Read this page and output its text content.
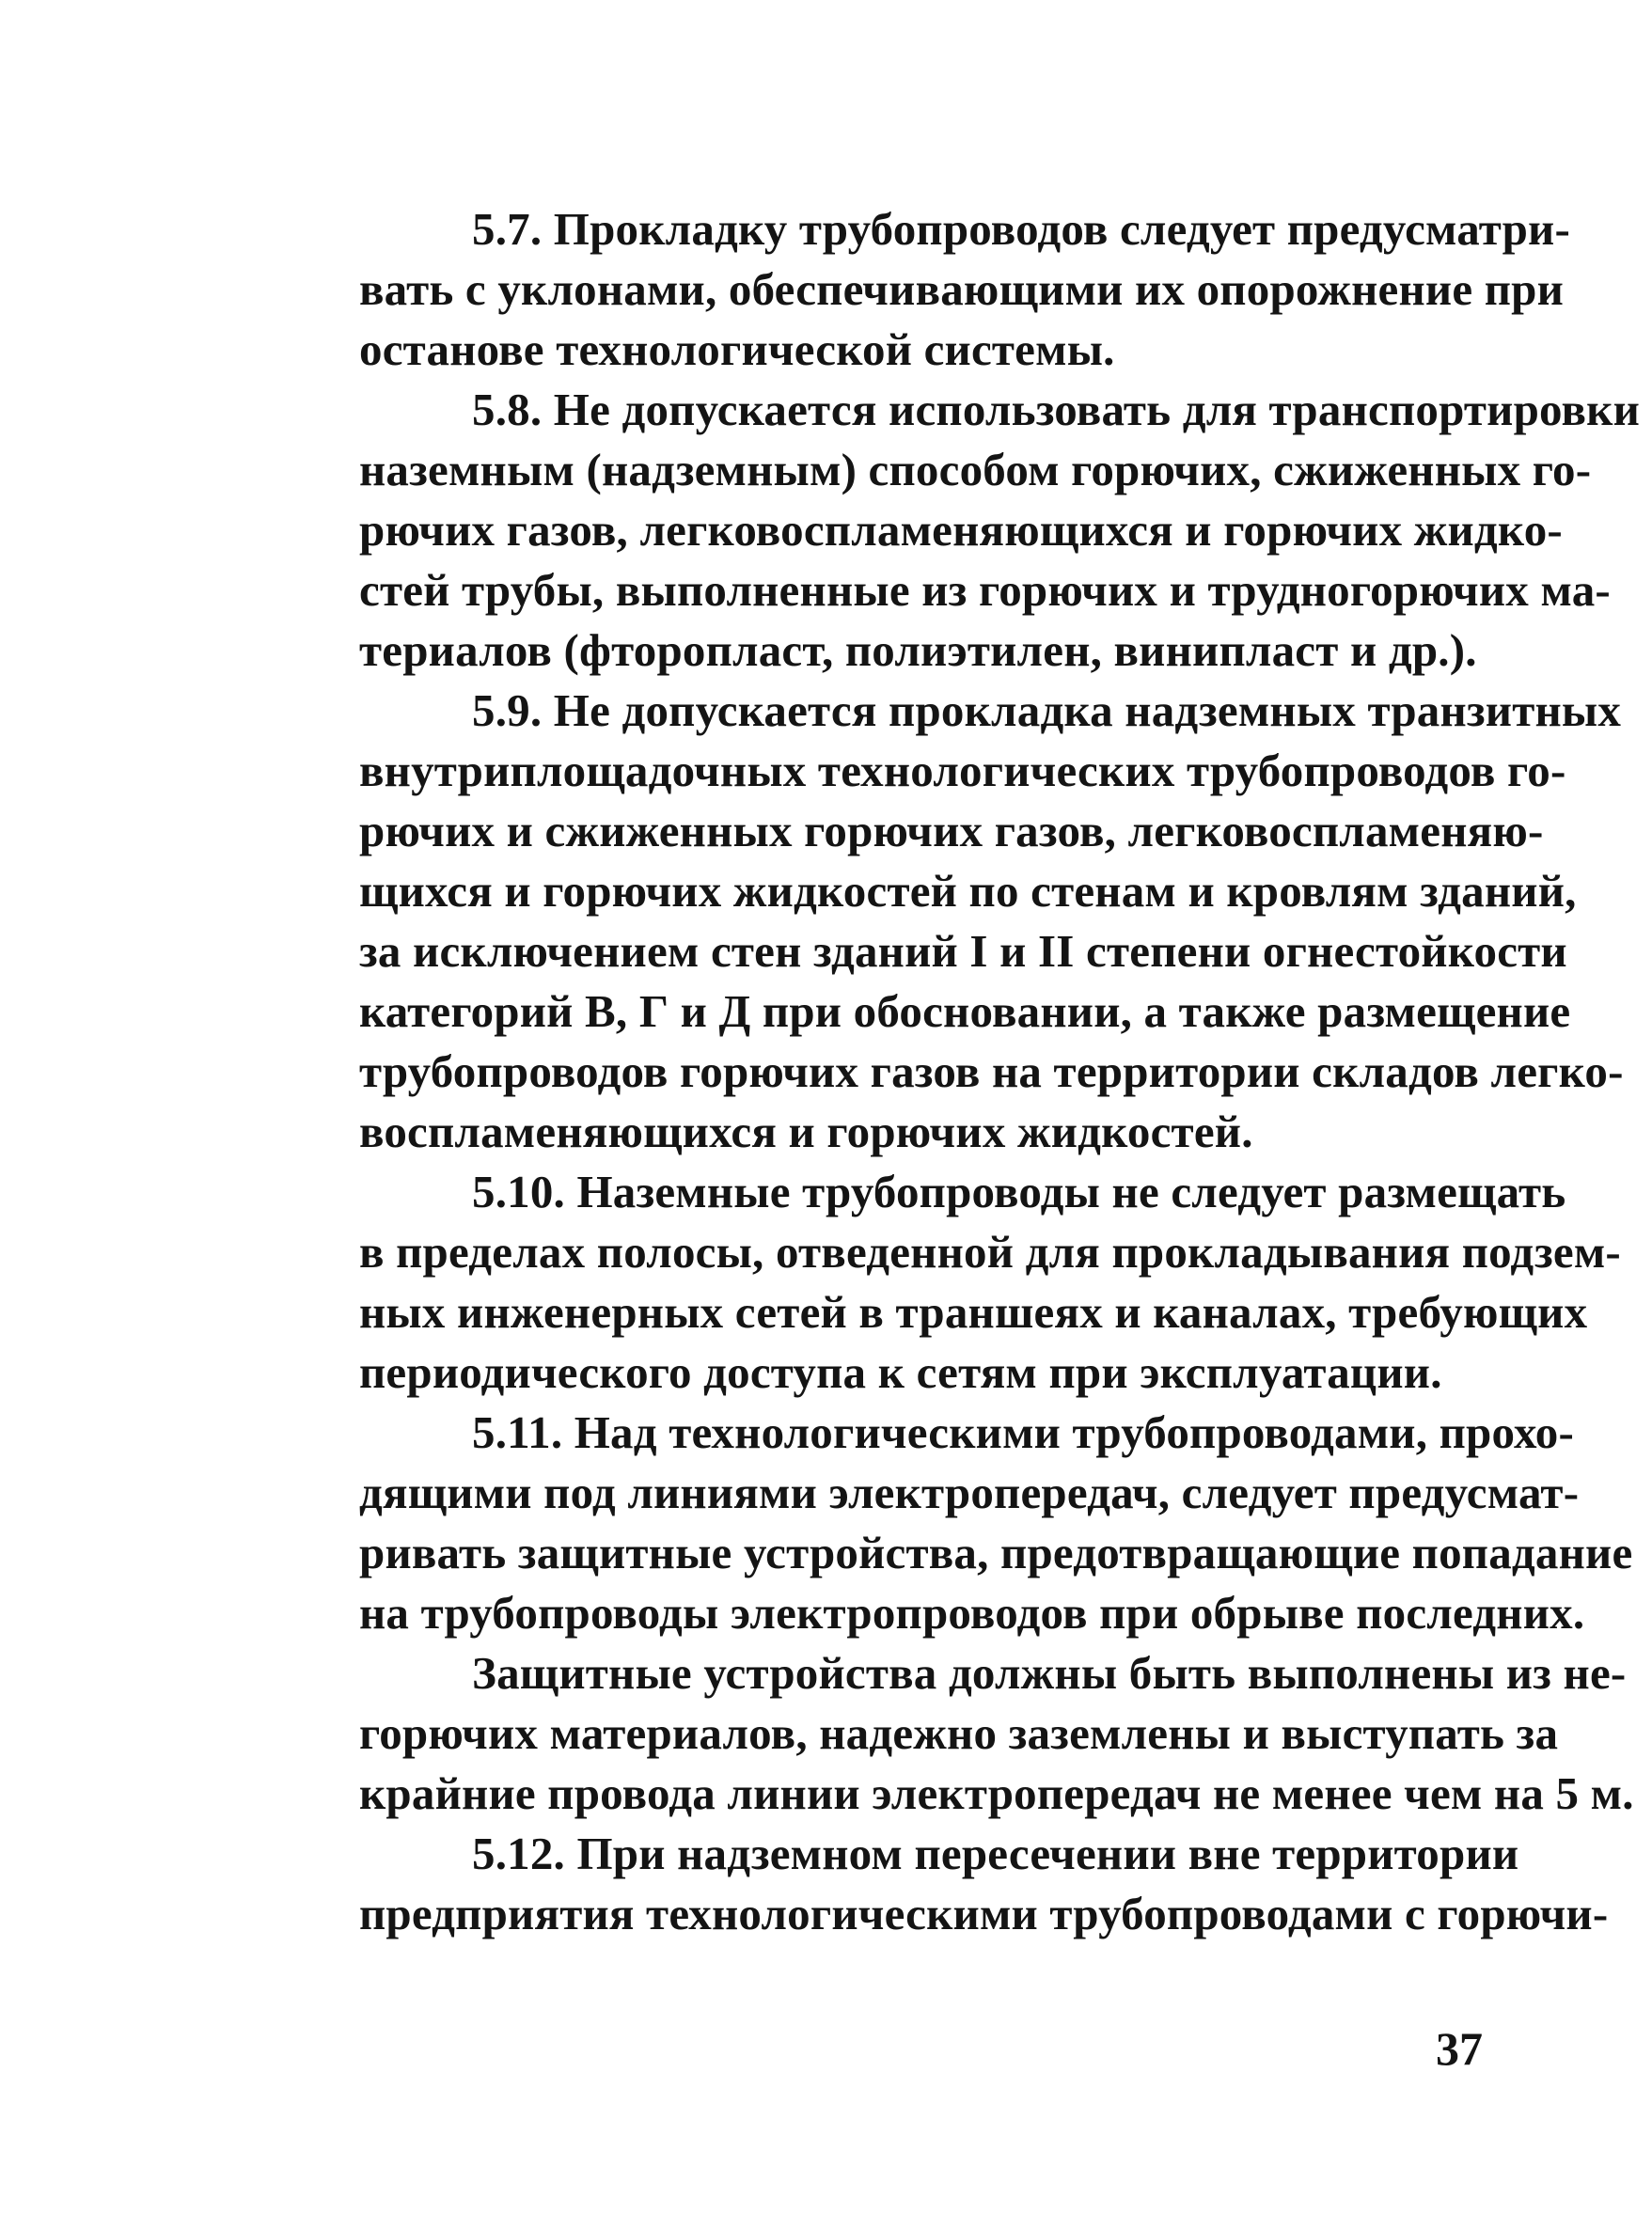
5.7. Прокладку трубопроводов следует предусматри-
вать с уклонами, обеспечивающими их опорожнение при
останове технологической системы.

5.8. Не допускается использовать для транспортировки
наземным (надземным) способом горючих, сжиженных го-
рючих газов, легковоспламеняющихся и горючих жидко-
стей трубы, выполненные из горючих и трудногорючих ма-
териалов (фторопласт, полиэтилен, винипласт и др.).

5.9. Не допускается прокладка надземных транзитных
внутриплощадочных технологических трубопроводов го-
рючих и сжиженных горючих газов, легковоспламеняю-
щихся и горючих жидкостей по стенам и кровлям зданий,
за исключением стен зданий I и II степени огнестойкости
категорий В, Г и Д при обосновании, а также размещение
трубопроводов горючих газов на территории складов легко-
воспламеняющихся и горючих жидкостей.

5.10. Наземные трубопроводы не следует размещать
в пределах полосы, отведенной для прокладывания подзем-
ных инженерных сетей в траншеях и каналах, требующих
периодического доступа к сетям при эксплуатации.

5.11. Над технологическими трубопроводами, прохо-
дящими под линиями электропередач, следует предусмат-
ривать защитные устройства, предотвращающие попадание
на трубопроводы электропроводов при обрыве последних.

Защитные устройства должны быть выполнены из не-
горючих материалов, надежно заземлены и выступать за
крайние провода линии электропередач не менее чем на 5 м.

5.12. При надземном пересечении вне территории
предприятия технологическими трубопроводами с горючи-

37
